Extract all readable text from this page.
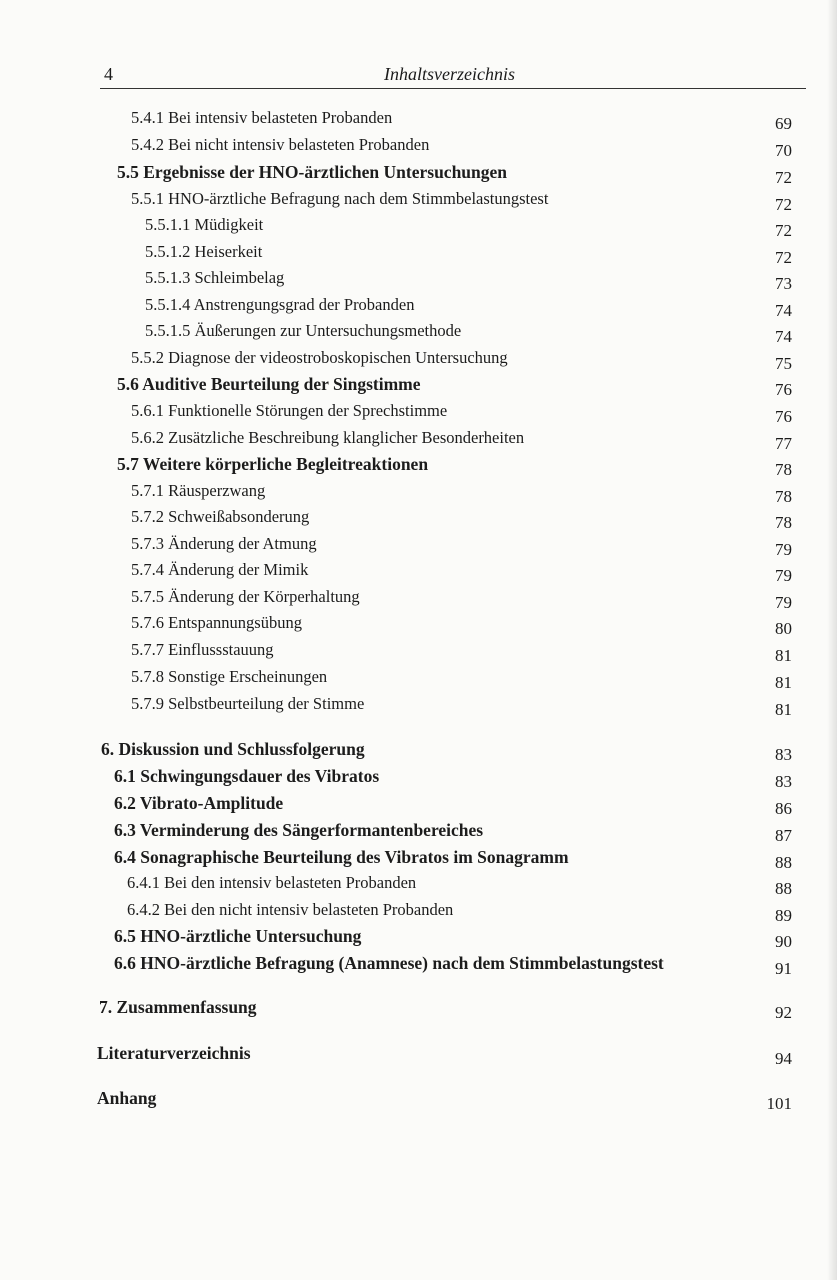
4	Inhaltsverzeichnis
5.4.1 Bei intensiv belasteten Probanden	69
5.4.2 Bei nicht intensiv belasteten Probanden	70
5.5 Ergebnisse der HNO-ärztlichen Untersuchungen	72
5.5.1 HNO-ärztliche Befragung nach dem Stimmbelastungstest	72
5.5.1.1 Müdigkeit	72
5.5.1.2 Heiserkeit	72
5.5.1.3 Schleimbelag	73
5.5.1.4 Anstrengungsgrad der Probanden	74
5.5.1.5 Äußerungen zur Untersuchungsmethode	74
5.5.2 Diagnose der videostroboskopischen Untersuchung	75
5.6 Auditive Beurteilung der Singstimme	76
5.6.1 Funktionelle Störungen der Sprechstimme	76
5.6.2 Zusätzliche Beschreibung klanglicher Besonderheiten	77
5.7 Weitere körperliche Begleitreaktionen	78
5.7.1 Räusperzwang	78
5.7.2 Schweißabsonderung	78
5.7.3 Änderung der Atmung	79
5.7.4 Änderung der Mimik	79
5.7.5 Änderung der Körperhaltung	79
5.7.6 Entspannungsübung	80
5.7.7 Einflussstauung	81
5.7.8 Sonstige Erscheinungen	81
5.7.9 Selbstbeurteilung der Stimme	81
6. Diskussion und Schlussfolgerung	83
6.1 Schwingungsdauer des Vibratos	83
6.2 Vibrato-Amplitude	86
6.3 Verminderung des Sängerformantenbereiches	87
6.4 Sonagraphische Beurteilung des Vibratos im Sonagramm	88
6.4.1 Bei den intensiv belasteten Probanden	88
6.4.2 Bei den nicht intensiv belasteten Probanden	89
6.5 HNO-ärztliche Untersuchung	90
6.6 HNO-ärztliche Befragung (Anamnese) nach dem Stimmbelastungstest	91
7. Zusammenfassung	92
Literaturverzeichnis	94
Anhang	101
